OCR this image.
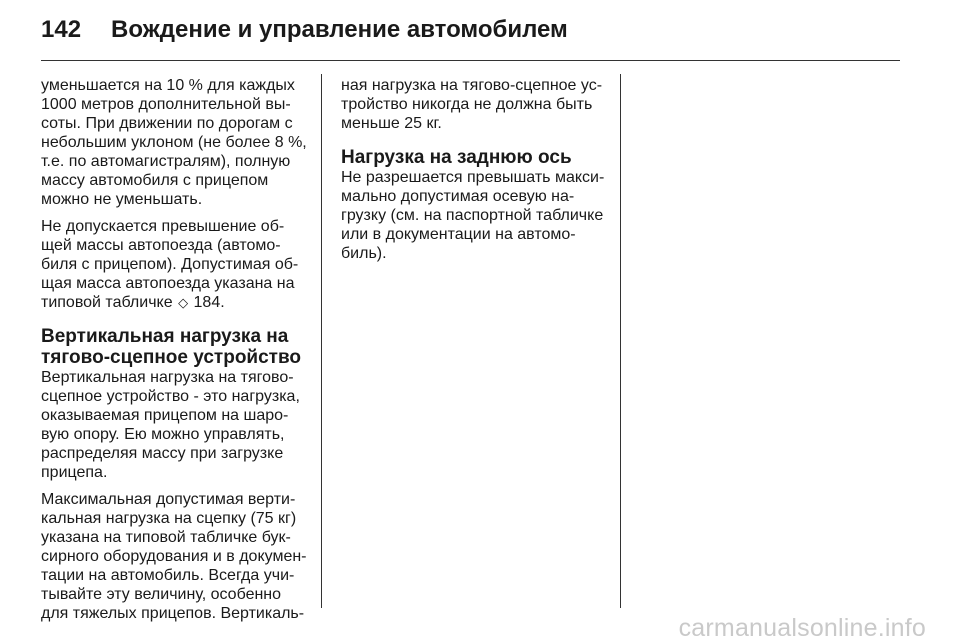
142 Вождение и управление автомобилем
уменьшается на 10 % для каждых
1000 метров дополнительной вы-
соты. При движении по дорогам с
небольшим уклоном (не более 8 %,
т.е. по автомагистралям), полную
массу автомобиля с прицепом
можно не уменьшать.
Не допускается превышение об-
щей массы автопоезда (автомо-
биля с прицепом). Допустимая об-
щая масса автопоезда указана на
типовой табличке ◇ 184.
Вертикальная нагрузка на
тягово-сцепное устройство
Вертикальная нагрузка на тягово-
сцепное устройство - это нагрузка,
оказываемая прицепом на шаро-
вую опору. Ею можно управлять,
распределяя массу при загрузке
прицепа.
Максимальная допустимая верти-
кальная нагрузка на сцепку (75 кг)
указана на типовой табличке бук-
сирного оборудования и в докумен-
тации на автомобиль. Всегда учи-
тывайте эту величину, особенно
для тяжелых прицепов. Вертикаль-
ная нагрузка на тягово-сцепное ус-
тройство никогда не должна быть
меньше 25 кг.
Нагрузка на заднюю ось
Не разрешается превышать макси-
мально допустимая осевую на-
грузку (см. на паспортной табличке
или в документации на автомо-
биль).
carmanualsonline.info
